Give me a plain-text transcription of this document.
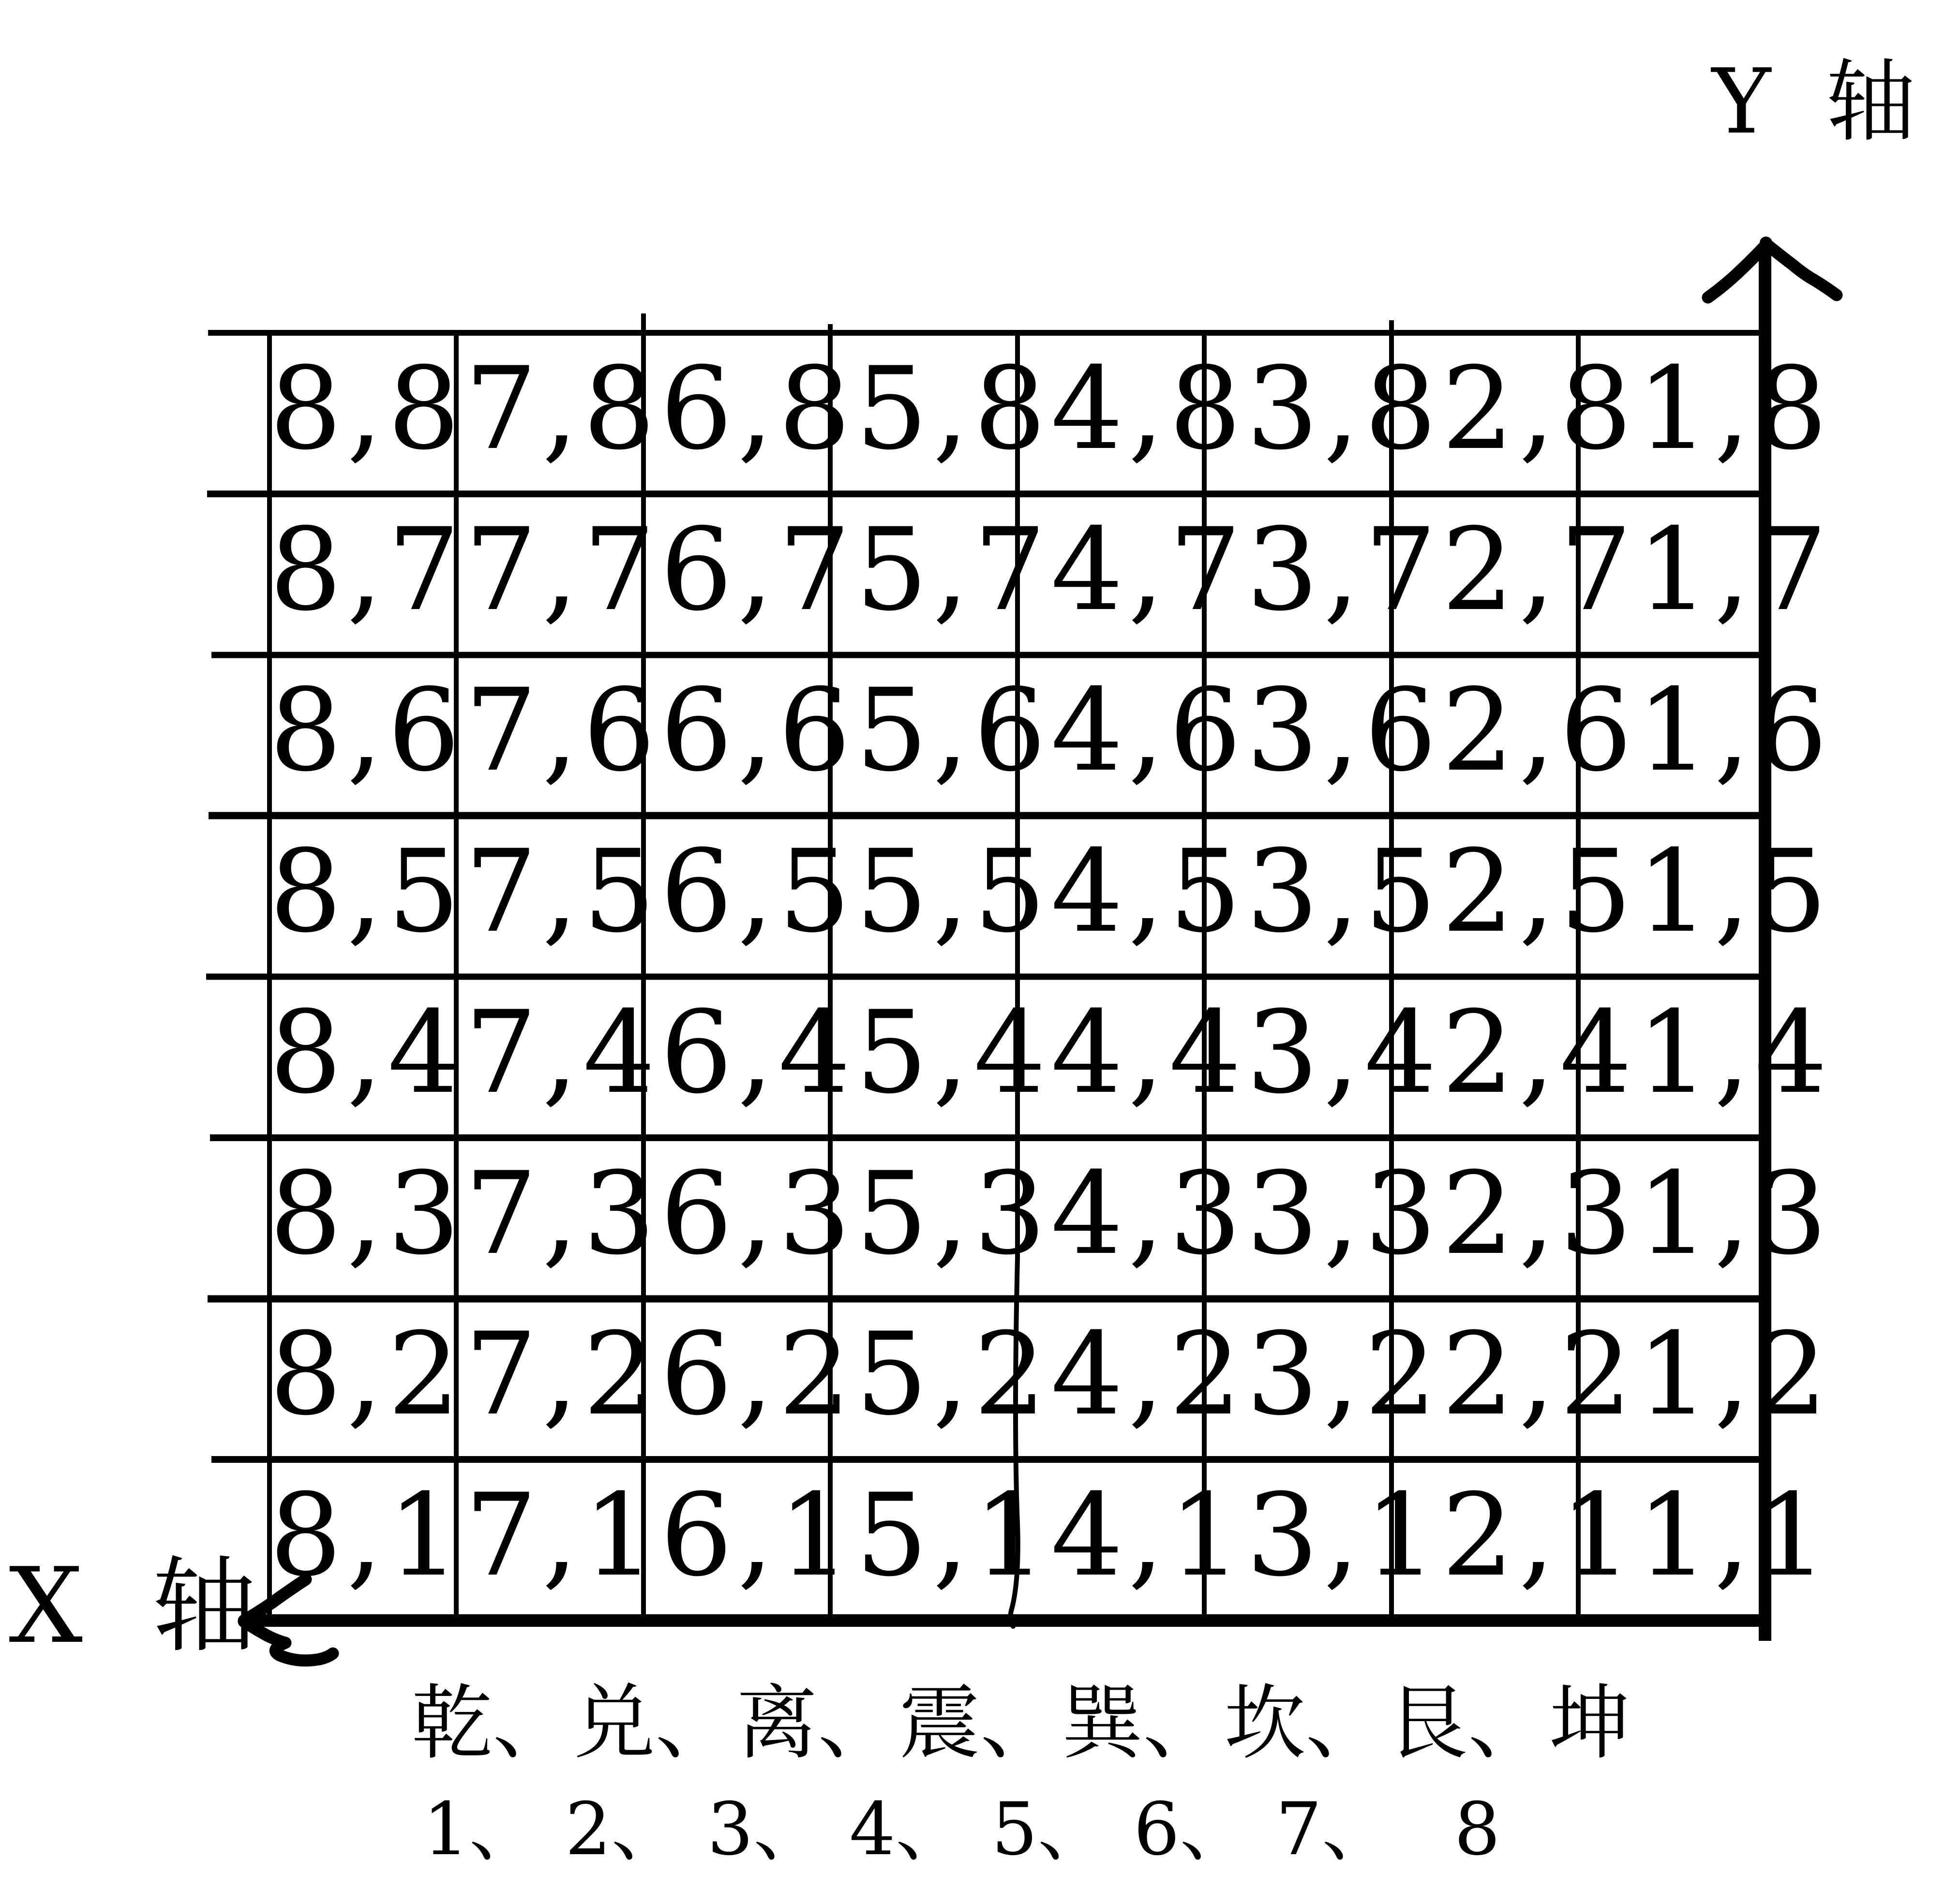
Y 轴
X 轴
8,8 7,8 6,8 5,8 4,8 3,8 2,8 1,8
8,7 7,7 6,7 5,7 4,7 3,7 2,7 1,7
8,6 7,6 6,6 5,6 4,6 3,6 2,6 1,6
8,5 7,5 6,5 5,5 4,5 3,5 2,5 1,5
8,4 7,4 6,4 5,4 4,4 3,4 2,4 1,4
8,3 7,3 6,3 5,3 4,3 3,3 2,3 1,3
8,2 7,2 6,2 5,2 4,2 3,2 2,2 1,2
8,1 7,1 6,1 5,1 4,1 3,1 2,1 1,1
乾、 兑、 离、 震、 巽、 坎、 艮、 坤
1、 2、 3、 4、 5、 6、 7、 8
